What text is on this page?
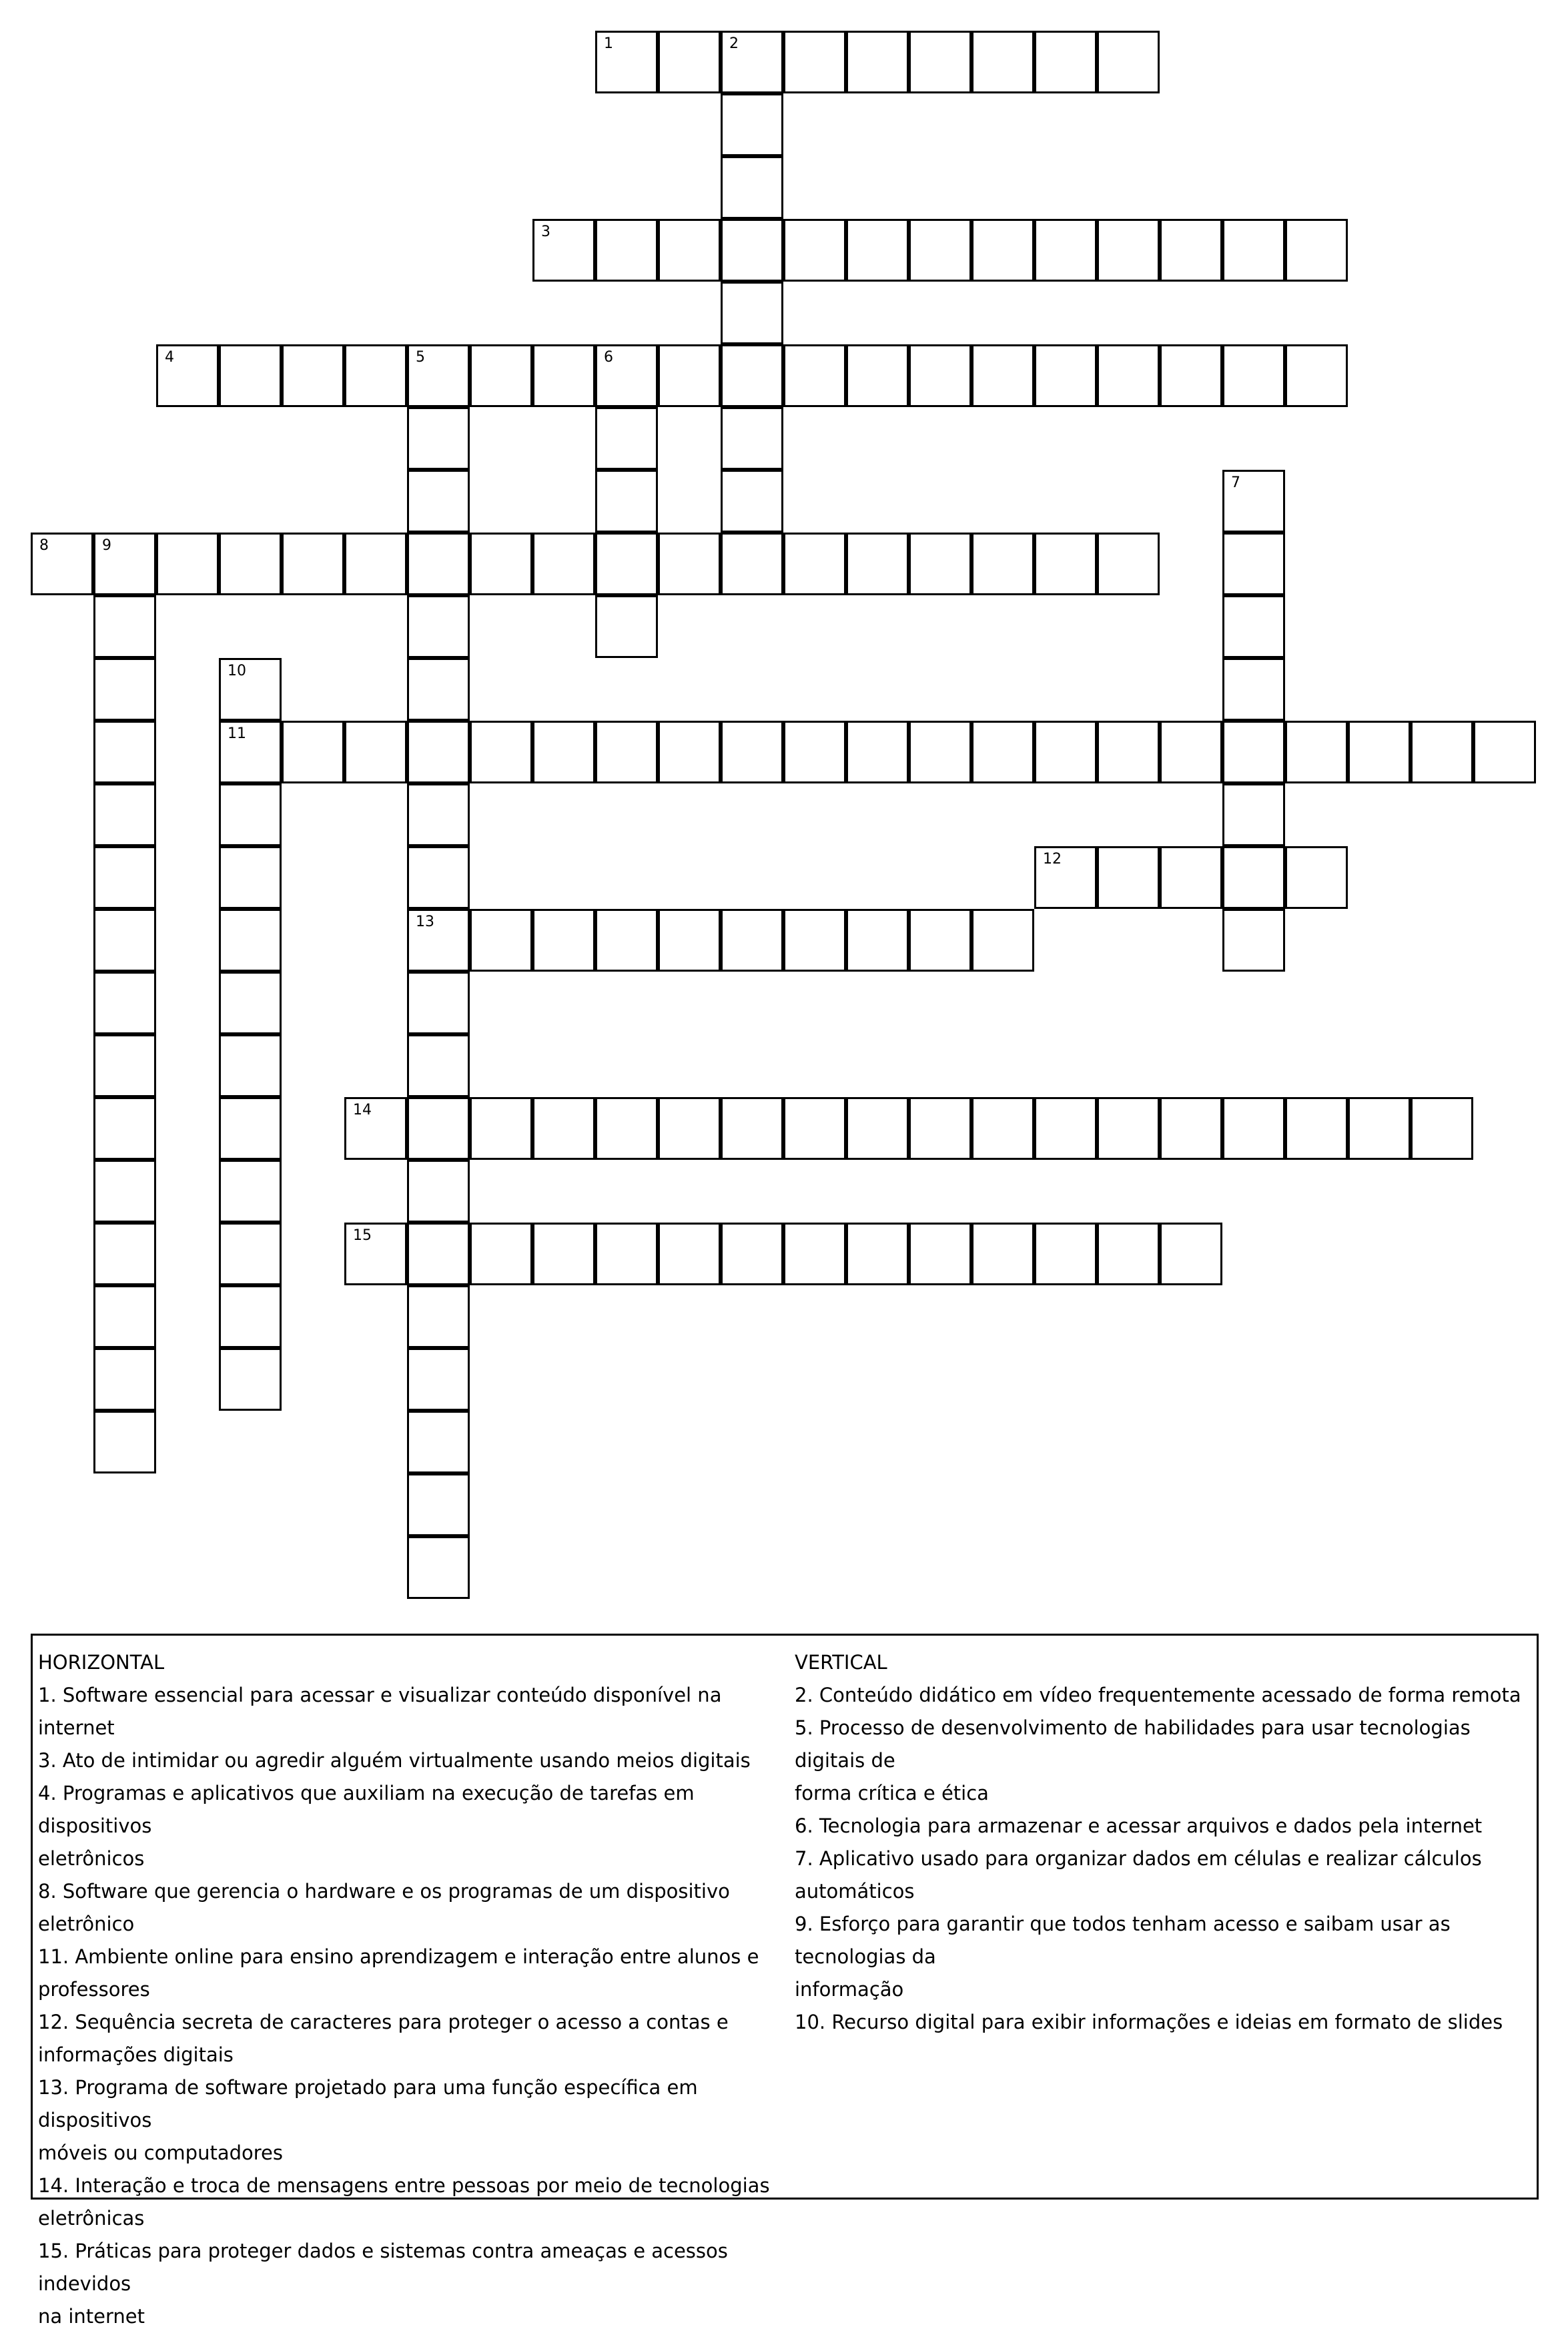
1	2
3
4	5	6
13
7
8	9
10
11
12
14
15
HORIZONTAL
1. Software essencial para acessar e visualizar conteúdo disponível na internet
3. Ato de intimidar ou agredir alguém virtualmente usando meios digitais
4. Programas e aplicativos que auxiliam na execução de tarefas em dispositivos
eletrônicos
8. Software que gerencia o hardware e os programas de um dispositivo eletrônico
11. Ambiente online para ensino aprendizagem e interação entre alunos e
professores
12. Sequência secreta de caracteres para proteger o acesso a contas e
informações digitais
13. Programa de software projetado para uma função específica em dispositivos
móveis ou computadores
14. Interação e troca de mensagens entre pessoas por meio de tecnologias
eletrônicas
15. Práticas para proteger dados e sistemas contra ameaças e acessos indevidos
na internet
VERTICAL
2. Conteúdo didático em vídeo frequentemente acessado de forma remota
5. Processo de desenvolvimento de habilidades para usar tecnologias digitais de
forma crítica e ética
6. Tecnologia para armazenar e acessar arquivos e dados pela internet
7. Aplicativo usado para organizar dados em células e realizar cálculos
automáticos
9. Esforço para garantir que todos tenham acesso e saibam usar as tecnologias da
informação
10. Recurso digital para exibir informações e ideias em formato de slides
